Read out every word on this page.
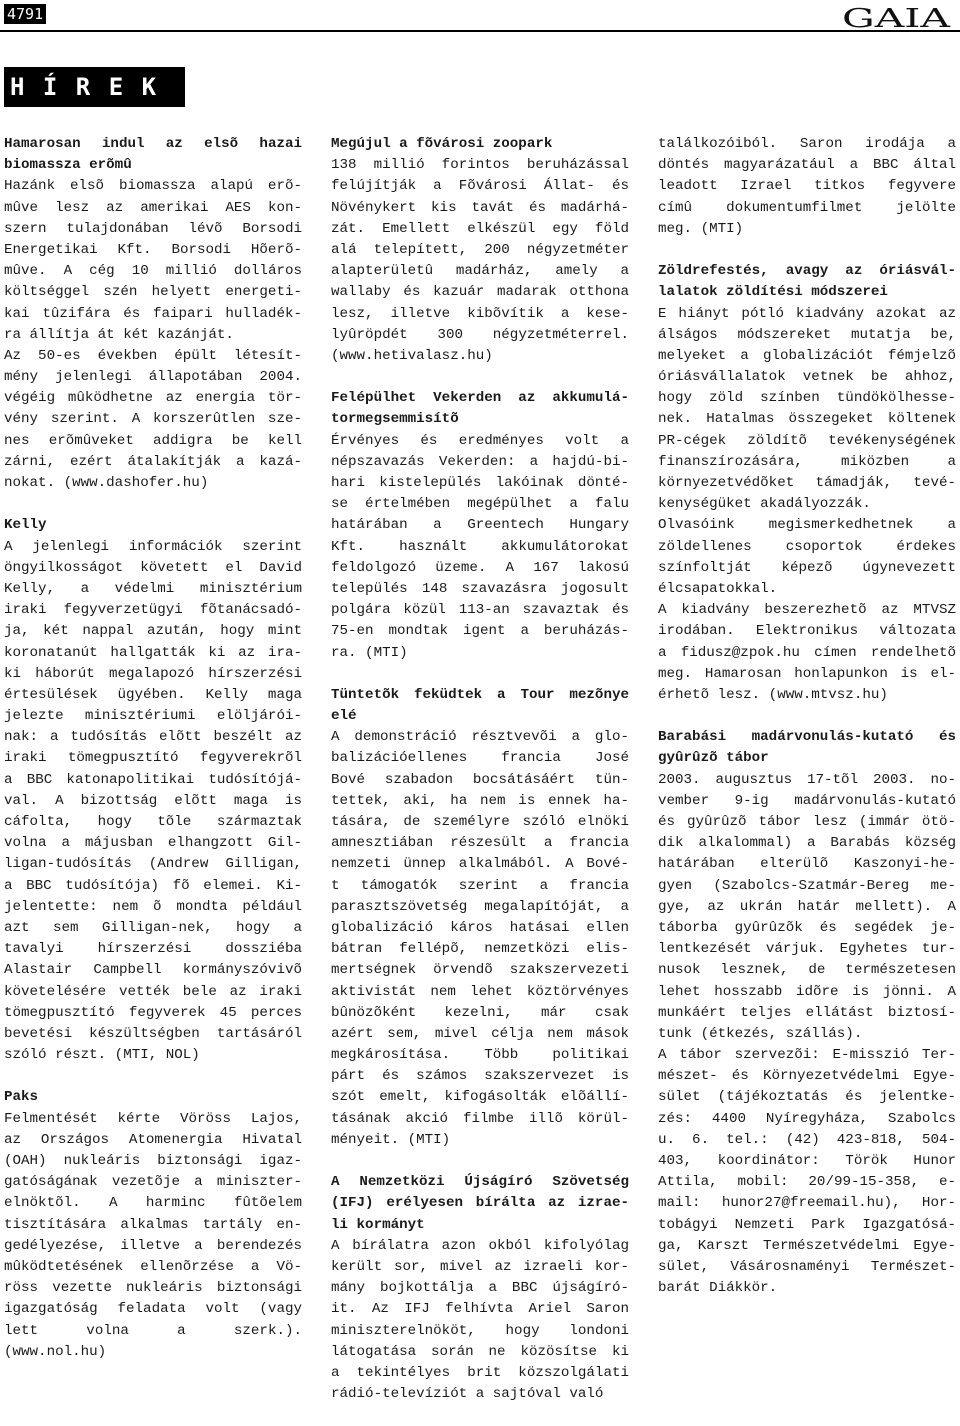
4791	GAIA
H Í R E K
Hamarosan indul az elsõ hazai
biomassza erõmû
Hazánk elsõ biomassza alapú erõ-
mûve lesz az amerikai AES kon-
szern tulajdonában lévõ Borsodi
Energetikai Kft. Borsodi Hõerõ-
mûve. A cég 10 millió dolláros
költséggel szén helyett energeti-
kai tûzifára és faipari hulladék-
ra állítja át két kazánját.
Az 50-es években épült létesít-
mény jelenlegi állapotában 2004.
végéig mûködhetne az energia tör-
vény szerint. A korszerûtlen sze-
nes erõmûveket addigra be kell
zárni, ezért átalakítják a kazá-
nokat. (www.dashofer.hu)
Kelly
A jelenlegi információk szerint
öngyilkosságot követett el David
Kelly, a védelmi minisztérium
iraki fegyverzetügyi fõtanácsadó-
ja, két nappal azután, hogy mint
koronatanút hallgatták ki az ira-
ki háborút megalapozó hírszerzési
értesülések ügyében. Kelly maga
jelezte minisztériumi elöljárói-
nak: a tudósítás elõtt beszélt az
iraki tömegpusztító fegyverekrõl
a BBC katonapolitikai tudósítójá-
val. A bizottság elõtt maga is
cáfolta, hogy tõle származtak
volna a májusban elhangzott Gil-
ligan-tudósítás (Andrew Gilligan,
a BBC tudósítója) fõ elemei. Ki-
jelentette: nem õ mondta például
azt sem Gilligan-nek, hogy a
tavalyi hírszerzési dossziéba
Alastair Campbell kormányszóvivõ
követelésére vették bele az iraki
tömegpusztító fegyverek 45 perces
bevetési készültségben tartásáról
szóló részt. (MTI, NOL)
Paks
Felmentését kérte Vöröss Lajos,
az Országos Atomenergia Hivatal
(OAH) nukleáris biztonsági igaz-
gatóságának vezetõje a miniszter-
elnöktõl. A harminc fûtõelem
tisztítására alkalmas tartály en-
gedélyezése, illetve a berendezés
mûködtetésének ellenõrzése a Vö-
röss vezette nukleáris biztonsági
igazgatóság feladata volt (vagy
lett volna a szerk.).
(www.nol.hu)
Megújul a fõvárosi zoopark
138 millió forintos beruházással
felújítják a Fõvárosi Állat- és
Növénykert kis tavát és madárhá-
zát. Emellett elkészül egy föld
alá telepített, 200 négyzetméter
alapterületû madárház, amely a
wallaby és kazuár madarak otthona
lesz, illetve kibõvítik a kese-
lyûröpdét 300 négyzetméterrel.
(www.hetivalasz.hu)
Felépülhet Vekerden az akkumulá-
tormegsemmisítõ
Érvényes és eredményes volt a
népszavazás Vekerden: a hajdú-bi-
hari kistelepülés lakóinak dönté-
se értelmében megépülhet a falu
határában a Greentech Hungary
Kft. használt akkumulátorokat
feldolgozó üzeme. A 167 lakosú
település 148 szavazásra jogosult
polgára közül 113-an szavaztak és
75-en mondtak igent a beruházás-
ra. (MTI)
Tüntetõk feküdtek a Tour mezõnye
elé
A demonstráció résztvevõi a glo-
balizációellenes francia José
Bové szabadon bocsátásáért tün-
tettek, aki, ha nem is ennek ha-
tására, de személyre szóló elnöki
amnesztiában részesült a francia
nemzeti ünnep alkalmából. A Bové-
t támogatók szerint a francia
parasztszövetség megalapítóját, a
globalizáció káros hatásai ellen
bátran fellépõ, nemzetközi elis-
mertségnek örvendõ szakszervezeti
aktivistát nem lehet köztörvényes
bûnözõként kezelni, már csak
azért sem, mivel célja nem mások
megkárosítása. Több politikai
párt és számos szakszervezet is
szót emelt, kifogásolták elõállí-
tásának akció filmbe illõ körül-
ményeit. (MTI)
A Nemzetközi Újságíró Szövetség
(IFJ) erélyesen bírálta az izrae-
li kormányt
A bírálatra azon okból kifolyólag
került sor, mivel az izraeli kor-
mány bojkottálja a BBC újságíró-
it. Az IFJ felhívta Ariel Saron
miniszterelnököt, hogy londoni
látogatása során ne közösítse ki
a tekintélyes brit közszolgálati
rádió-televíziót a sajtóval való
találkozóiból. Saron irodája a
döntés magyarázatául a BBC által
leadott Izrael titkos fegyvere
címû dokumentumfilmet jelölte
meg. (MTI)
Zöldrefestés, avagy az óriásvál-
lalatok zöldítési módszerei
E hiányt pótló kiadvány azokat az
álságos módszereket mutatja be,
melyeket a globalizációt fémjelzõ
óriásvállalatok vetnek be ahhoz,
hogy zöld színben tündökölhesse-
nek. Hatalmas összegeket költenek
PR-cégek zöldítõ tevékenységének
finanszírozására, miközben a
környezetvédõket támadják, tevé-
kenységüket akadályozzák.
Olvasóink megismerkedhetnek a
zöldellenes csoportok érdekes
színfoltját képezõ úgynevezett
élcsapatokkal.
A kiadvány beszerezhetõ az MTVSZ
irodában. Elektronikus változata
a fidusz@zpok.hu címen rendelhetõ
meg. Hamarosan honlapunkon is el-
érhetõ lesz. (www.mtvsz.hu)
Barabási madárvonulás-kutató és
gyûrûzõ tábor
2003. augusztus 17-tõl 2003. no-
vember 9-ig madárvonulás-kutató
és gyûrûzõ tábor lesz (immár ötö-
dik alkalommal) a Barabás község
határában elterülõ Kaszonyi-he-
gyen (Szabolcs-Szatmár-Bereg me-
gye, az ukrán határ mellett). A
táborba gyûrûzõk és segédek je-
lentkezését várjuk. Egyhetes tur-
nusok lesznek, de természetesen
lehet hosszabb idõre is jönni. A
munkáért teljes ellátást biztosí-
tunk (étkezés, szállás).
A tábor szervezõi: E-misszió Ter-
mészet- és Környezetvédelmi Egye-
sület (tájékoztatás és jelentke-
zés: 4400 Nyíregyháza, Szabolcs
u. 6. tel.: (42) 423-818, 504-
403, koordinátor: Török Hunor
Attila, mobil: 20/99-15-358, e-
mail: hunor27@freemail.hu), Hor-
tobágyi Nemzeti Park Igazgatósá-
ga, Karszt Természetvédelmi Egye-
sület, Vásárosnaményi Természet-
barát Diákkör.
